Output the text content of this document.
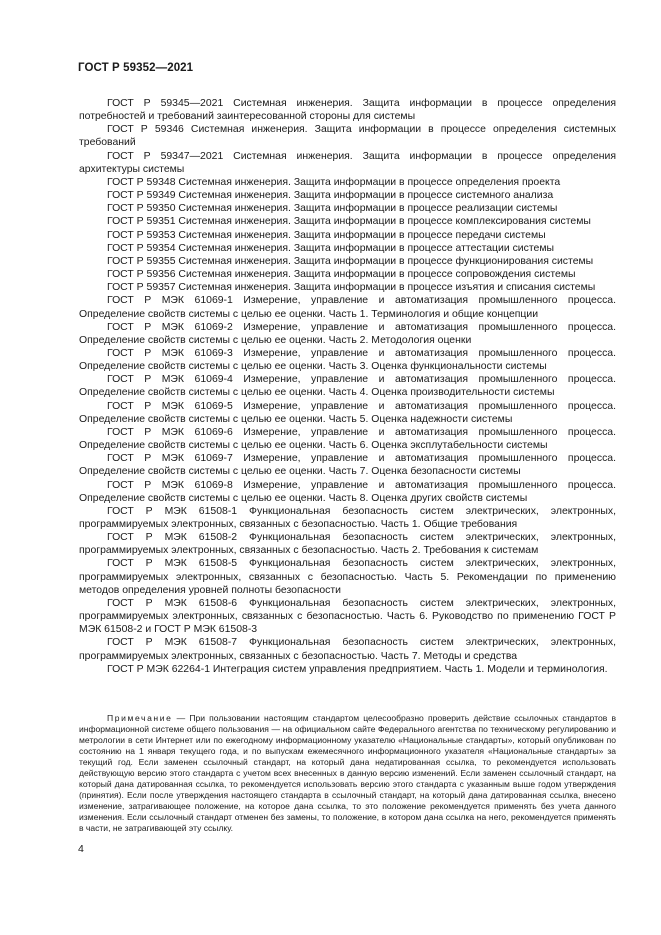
ГОСТ Р 59352—2021

ГОСТ Р 59345—2021 Системная инженерия. Защита информации в процессе определения потребностей и требований заинтересованной стороны для системы

ГОСТ Р 59346 Системная инженерия. Защита информации в процессе определения системных требований

ГОСТ Р 59347—2021 Системная инженерия. Защита информации в процессе определения архитектуры системы

ГОСТ Р 59348 Системная инженерия. Защита информации в процессе определения проекта

ГОСТ Р 59349 Системная инженерия. Защита информации в процессе системного анализа

ГОСТ Р 59350 Системная инженерия. Защита информации в процессе реализации системы

ГОСТ Р 59351 Системная инженерия. Защита информации в процессе комплексирования системы

ГОСТ Р 59353 Системная инженерия. Защита информации в процессе передачи системы

ГОСТ Р 59354 Системная инженерия. Защита информации в процессе аттестации системы

ГОСТ Р 59355 Системная инженерия. Защита информации в процессе функционирования системы

ГОСТ Р 59356 Системная инженерия. Защита информации в процессе сопровождения системы

ГОСТ Р 59357 Системная инженерия. Защита информации в процессе изъятия и списания системы

ГОСТ Р МЭК 61069-1 Измерение, управление и автоматизация промышленного процесса. Определение свойств системы с целью ее оценки. Часть 1. Терминология и общие концепции

ГОСТ Р МЭК 61069-2 Измерение, управление и автоматизация промышленного процесса. Определение свойств системы с целью ее оценки. Часть 2. Методология оценки

ГОСТ Р МЭК 61069-3 Измерение, управление и автоматизация промышленного процесса. Определение свойств системы с целью ее оценки. Часть 3. Оценка функциональности системы

ГОСТ Р МЭК 61069-4 Измерение, управление и автоматизация промышленного процесса. Определение свойств системы с целью ее оценки. Часть 4. Оценка производительности системы

ГОСТ Р МЭК 61069-5 Измерение, управление и автоматизация промышленного процесса. Определение свойств системы с целью ее оценки. Часть 5. Оценка надежности системы

ГОСТ Р МЭК 61069-6 Измерение, управление и автоматизация промышленного процесса. Определение свойств системы с целью ее оценки. Часть 6. Оценка эксплутабельности системы

ГОСТ Р МЭК 61069-7 Измерение, управление и автоматизация промышленного процесса. Определение свойств системы с целью ее оценки. Часть 7. Оценка безопасности системы

ГОСТ Р МЭК 61069-8 Измерение, управление и автоматизация промышленного процесса. Определение свойств системы с целью ее оценки. Часть 8. Оценка других свойств системы

ГОСТ Р МЭК 61508-1 Функциональная безопасность систем электрических, электронных, программируемых электронных, связанных с безопасностью. Часть 1. Общие требования

ГОСТ Р МЭК 61508-2 Функциональная безопасность систем электрических, электронных, программируемых электронных, связанных с безопасностью. Часть 2. Требования к системам

ГОСТ Р МЭК 61508-5 Функциональная безопасность систем электрических, электронных, программируемых электронных, связанных с безопасностью. Часть 5. Рекомендации по применению методов определения уровней полноты безопасности

ГОСТ Р МЭК 61508-6 Функциональная безопасность систем электрических, электронных, программируемых электронных, связанных с безопасностью. Часть 6. Руководство по применению ГОСТ Р МЭК 61508-2 и ГОСТ Р МЭК 61508-3

ГОСТ Р МЭК 61508-7 Функциональная безопасность систем электрических, электронных, программируемых электронных, связанных с безопасностью. Часть 7. Методы и средства

ГОСТ Р МЭК 62264-1 Интеграция систем управления предприятием. Часть 1. Модели и терминология.

Примечание — При пользовании настоящим стандартом целесообразно проверить действие ссылочных стандартов в информационной системе общего пользования — на официальном сайте Федерального агентства по техническому регулированию и метрологии в сети Интернет или по ежегодному информационному указателю «Национальные стандарты», который опубликован по состоянию на 1 января текущего года, и по выпускам ежемесячного информационного указателя «Национальные стандарты» за текущий год. Если заменен ссылочный стандарт, на который дана недатированная ссылка, то рекомендуется использовать действующую версию этого стандарта с учетом всех внесенных в данную версию изменений. Если заменен ссылочный стандарт, на который дана датированная ссылка, то рекомендуется использовать версию этого стандарта с указанным выше годом утверждения (принятия). Если после утверждения настоящего стандарта в ссылочный стандарт, на который дана датированная ссылка, внесено изменение, затрагивающее положение, на которое дана ссылка, то это положение рекомендуется применять без учета данного изменения. Если ссылочный стандарт отменен без замены, то положение, в котором дана ссылка на него, рекомендуется применять в части, не затрагивающей эту ссылку.

4
